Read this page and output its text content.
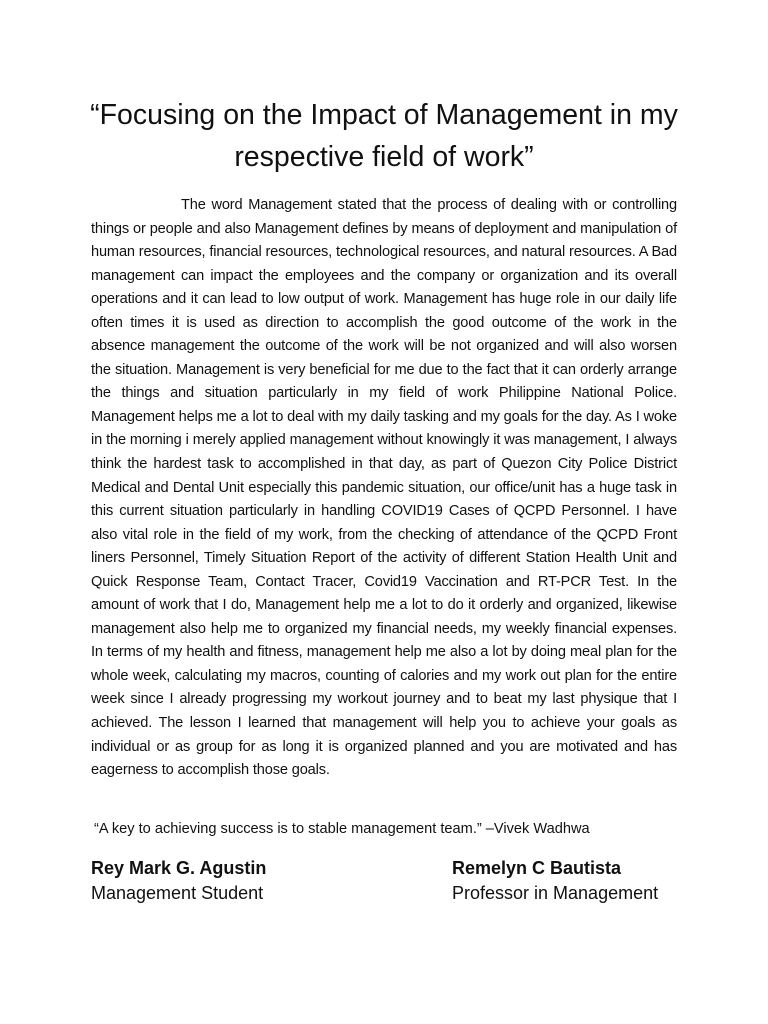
“Focusing on the Impact of Management in my respective field of work”

The word Management stated that the process of dealing with or controlling things or people and also Management defines by means of deployment and manipulation of human resources, financial resources, technological resources, and natural resources. A Bad management can impact the employees and the company or organization and its overall operations and it can lead to low output of work. Management has huge role in our daily life often times it is used as direction to accomplish the good outcome of the work in the absence management the outcome of the work will be not organized and will also worsen the situation. Management is very beneficial for me due to the fact that it can orderly arrange the things and situation particularly in my field of work Philippine National Police. Management helps me a lot to deal with my daily tasking and my goals for the day. As I woke in the morning i merely applied management without knowingly it was management, I always think the hardest task to accomplished in that day, as part of Quezon City Police District Medical and Dental Unit especially this pandemic situation, our office/unit has a huge task in this current situation particularly in handling COVID19 Cases of QCPD Personnel. I have also vital role in the field of my work, from the checking of attendance of the QCPD Front liners Personnel, Timely Situation Report of the activity of different Station Health Unit and Quick Response Team, Contact Tracer, Covid19 Vaccination and RT-PCR Test. In the amount of work that I do, Management help me a lot to do it orderly and organized, likewise management also help me to organized my financial needs, my weekly financial expenses. In terms of my health and fitness, management help me also a lot by doing meal plan for the whole week, calculating my macros, counting of calories and my work out plan for the entire week since I already progressing my workout journey and to beat my last physique that I achieved. The lesson I learned that management will help you to achieve your goals as individual or as group for as long it is organized planned and you are motivated and has eagerness to accomplish those goals.

“A key to achieving success is to stable management team.” –Vivek Wadhwa

Rey Mark G. Agustin

Management Student

Remelyn C Bautista

Professor in Management
